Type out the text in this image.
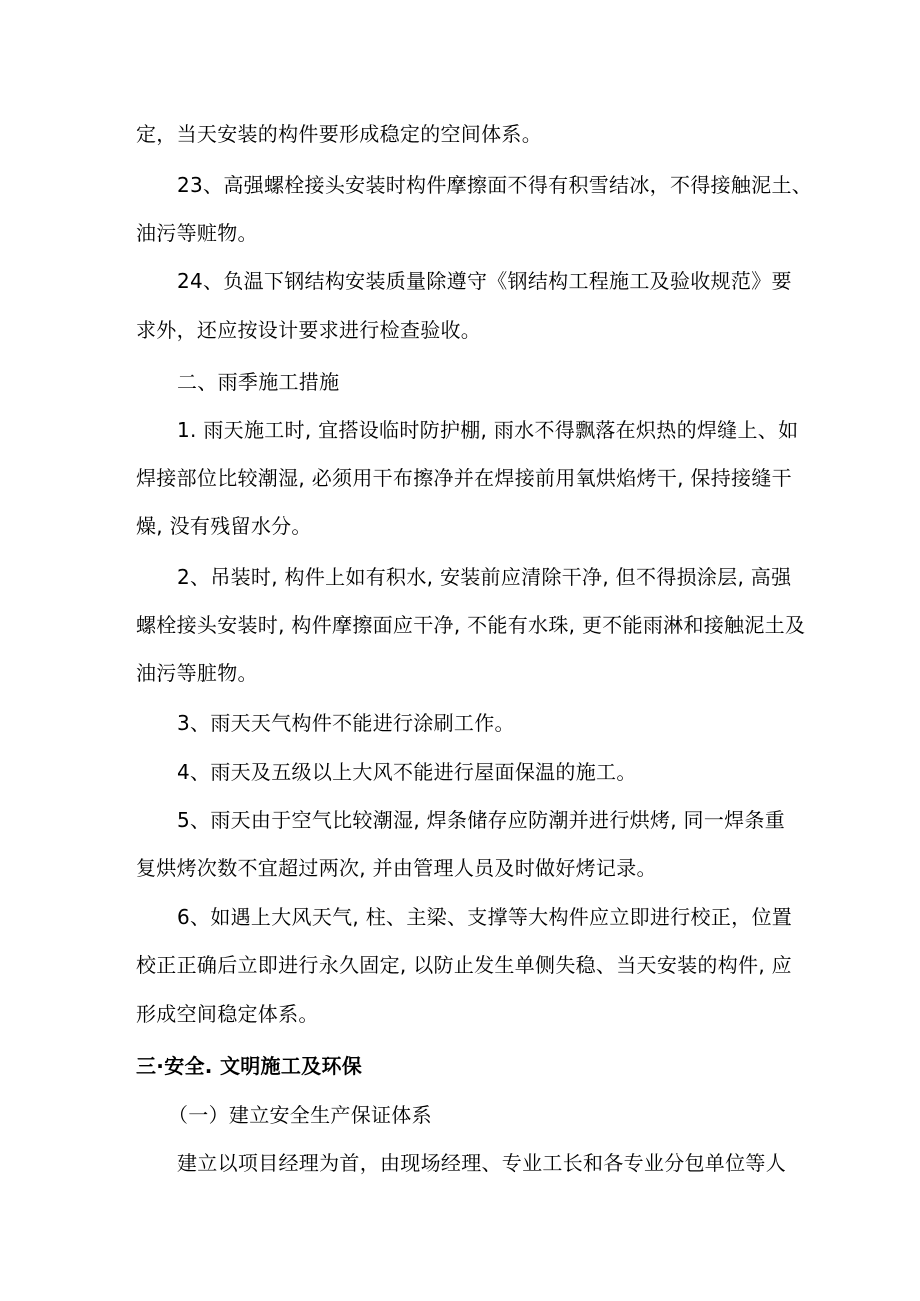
定，当天安装的构件要形成稳定的空间体系。
23、高强螺栓接头安装时构件摩擦面不得有积雪结冰，不得接触泥土、
油污等赃物。
24、负温下钢结构安装质量除遵守《钢结构工程施工及验收规范》要
求外，还应按设计要求进行检查验收。
二、雨季施工措施
1. 雨天施工时, 宜搭设临时防护棚, 雨水不得飘落在炽热的焊缝上、如
焊接部位比较潮湿, 必须用干布擦净并在焊接前用氧烘焰烤干, 保持接缝干
燥, 没有残留水分。
2、吊装时, 构件上如有积水, 安装前应清除干净, 但不得损涂层, 高强
螺栓接头安装时, 构件摩擦面应干净, 不能有水珠, 更不能雨淋和接触泥土及
油污等脏物。
3、雨天天气构件不能进行涂刷工作。
4、雨天及五级以上大风不能进行屋面保温的施工。
5、雨天由于空气比较潮湿, 焊条储存应防潮并进行烘烤, 同一焊条重
复烘烤次数不宜超过两次, 并由管理人员及时做好烤记录。
6、如遇上大风天气, 柱、主梁、支撑等大构件应立即进行校正，位置
校正正确后立即进行永久固定, 以防止发生单侧失稳、当天安装的构件, 应
形成空间稳定体系。
三·安全. 文明施工及环保
（一）建立安全生产保证体系
建立以项目经理为首，由现场经理、专业工长和各专业分包单位等人
